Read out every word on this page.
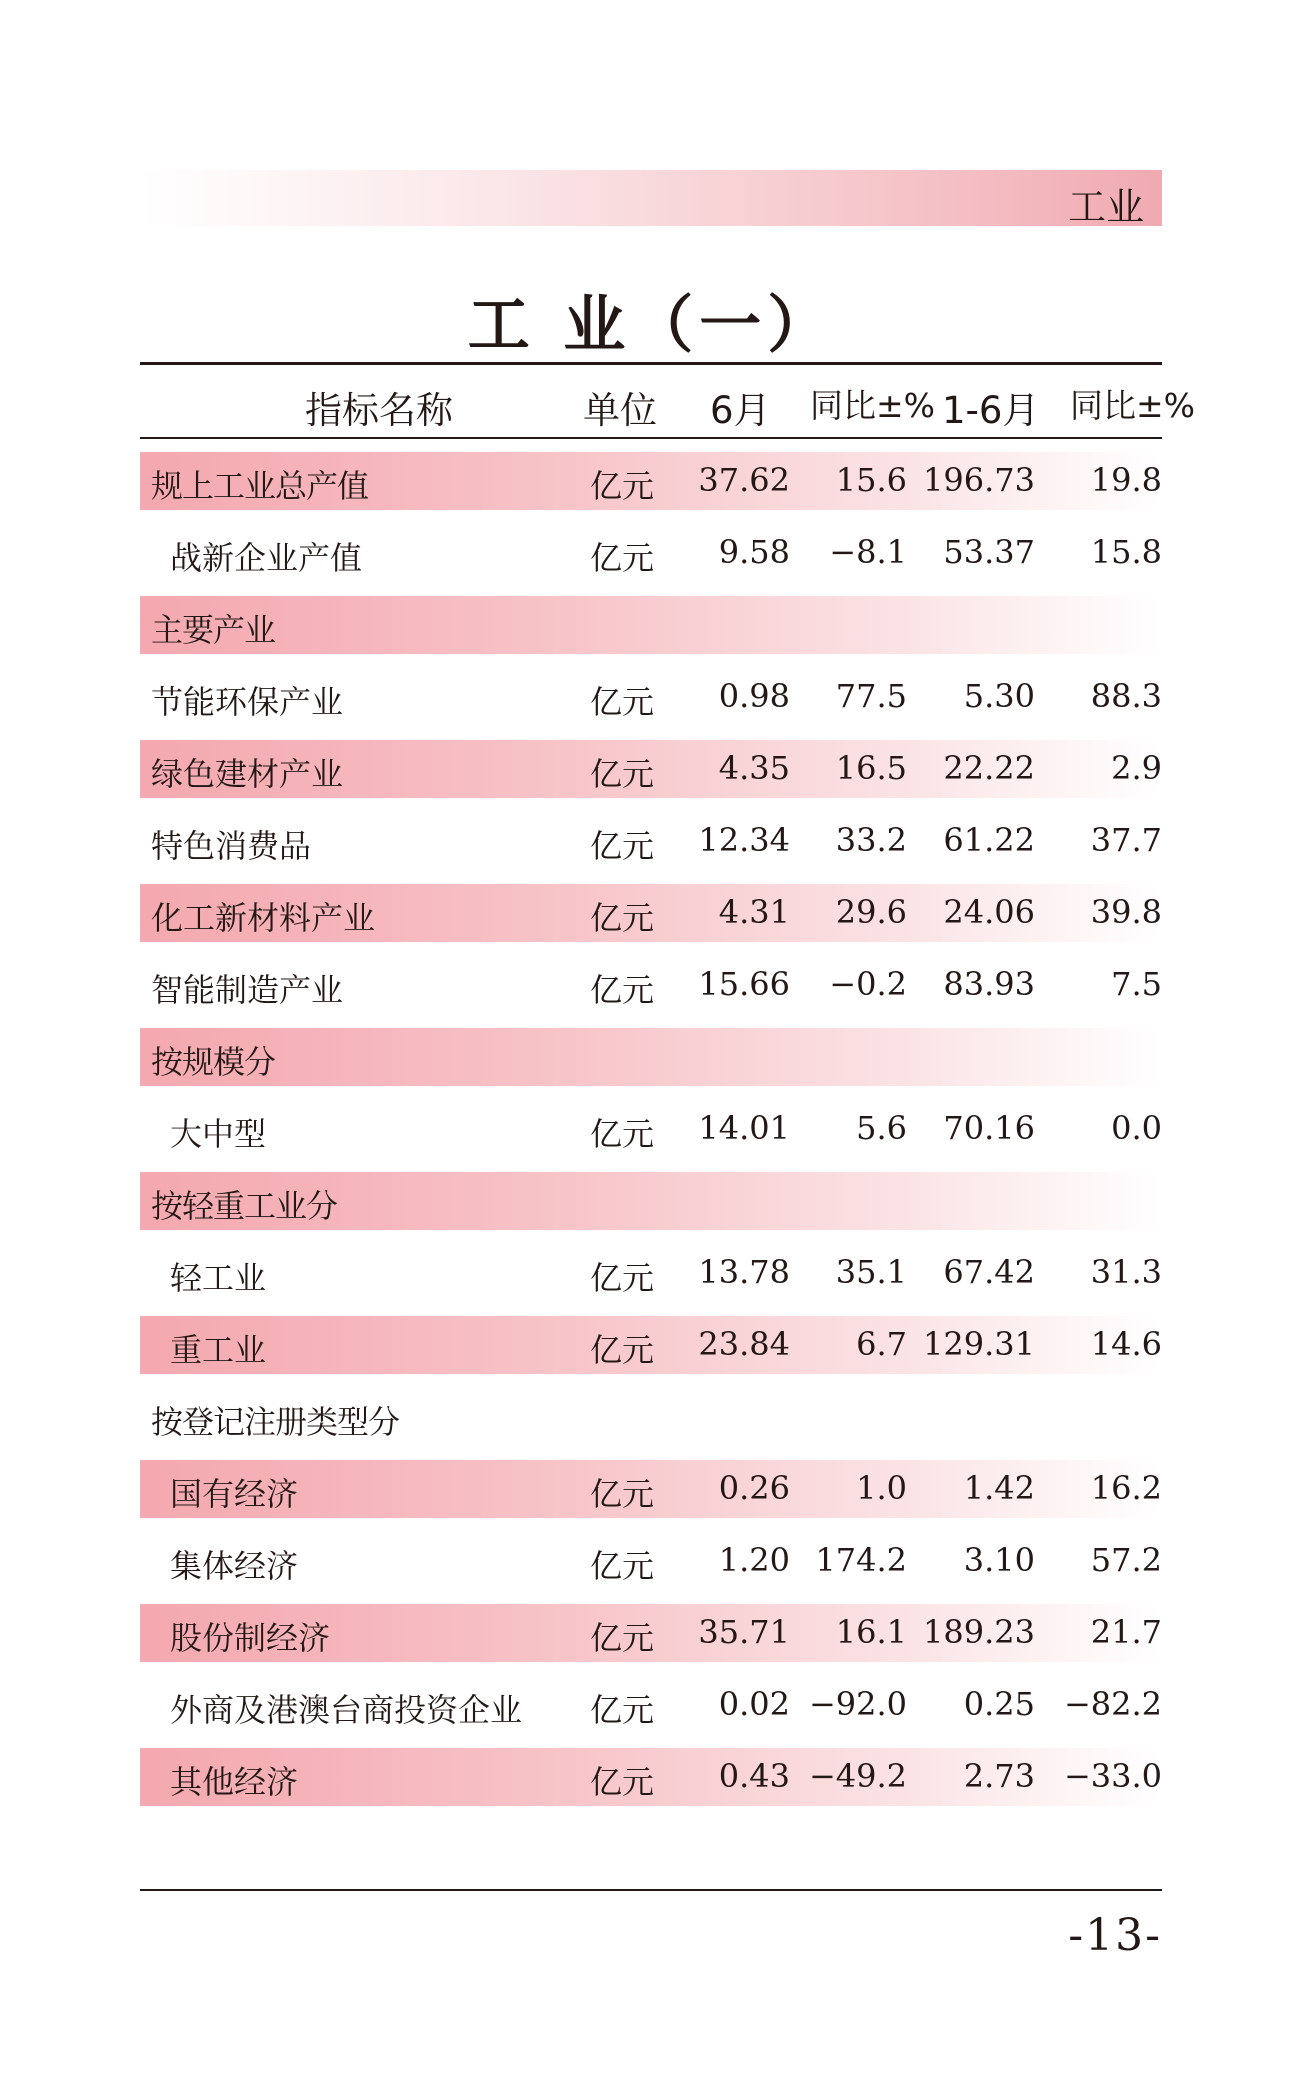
工业
工 业（一）
指标名称	单位 6月 同比±% 1-6月 同比±%
规上工业总产值	亿元 37.62 15.6 196.73 19.8
战新企业产值	亿元 9.58 −8.1 53.37 15.8
主要产业
节能环保产业	亿元 0.98 77.5 5.30 88.3
绿色建材产业	亿元 4.35 16.5 22.22 2.9
特色消费品	亿元 12.34 33.2 61.22 37.7
化工新材料产业	亿元 4.31 29.6 24.06 39.8
智能制造产业	亿元 15.66 −0.2 83.93 7.5
按规模分
大中型	亿元 14.01 5.6 70.16 0.0
按轻重工业分
轻工业	亿元 13.78 35.1 67.42 31.3
重工业	亿元 23.84 6.7 129.31 14.6
按登记注册类型分
国有经济	亿元 0.26 1.0 1.42 16.2
集体经济	亿元 1.20 174.2 3.10 57.2
股份制经济	亿元 35.71 16.1 189.23 21.7
外商及港澳台商投资企业 亿元 0.02 −92.0 0.25 −82.2
其他经济	亿元 0.43 −49.2 2.73 −33.0
-13-
